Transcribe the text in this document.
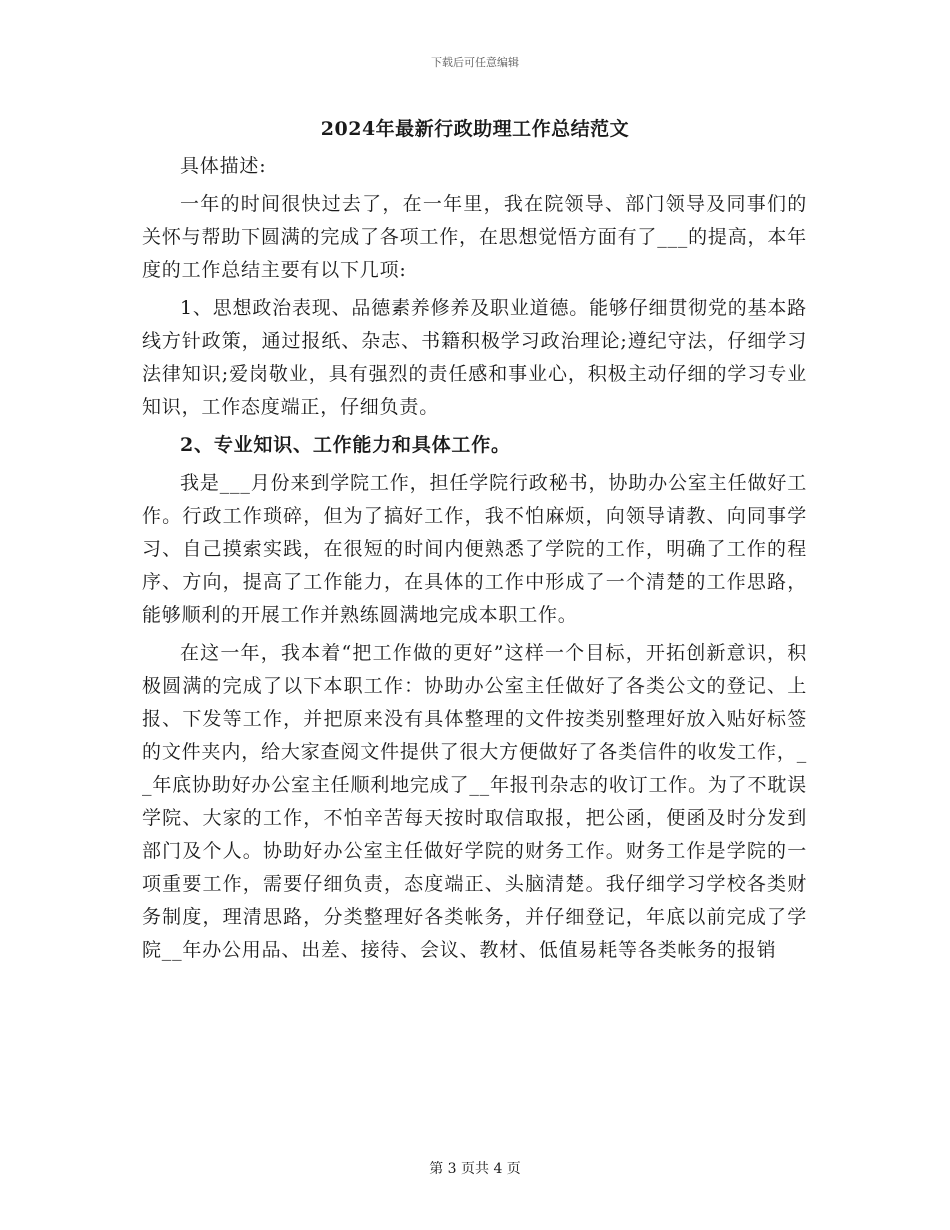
下载后可任意编辑
2024年最新行政助理工作总结范文

具体描述:

一年的时间很快过去了，在一年里，我在院领导、部门领导及同事们的关怀与帮助下圆满的完成了各项工作，在思想觉悟方面有了___的提高，本年度的工作总结主要有以下几项:

1、思想政治表现、品德素养修养及职业道德。能够仔细贯彻党的基本路线方针政策，通过报纸、杂志、书籍积极学习政治理论;遵纪守法，仔细学习法律知识;爱岗敬业，具有强烈的责任感和事业心，积极主动仔细的学习专业知识，工作态度端正，仔细负责。

2、专业知识、工作能力和具体工作。

我是___月份来到学院工作，担任学院行政秘书，协助办公室主任做好工作。行政工作琐碎，但为了搞好工作，我不怕麻烦，向领导请教、向同事学习、自己摸索实践，在很短的时间内便熟悉了学院的工作，明确了工作的程序、方向，提高了工作能力，在具体的工作中形成了一个清楚的工作思路，能够顺利的开展工作并熟练圆满地完成本职工作。

在这一年，我本着“把工作做的更好”这样一个目标，开拓创新意识，积极圆满的完成了以下本职工作：协助办公室主任做好了各类公文的登记、上报、下发等工作，并把原来没有具体整理的文件按类别整理好放入贴好标签的文件夹内，给大家查阅文件提供了很大方便做好了各类信件的收发工作，__年底协助好办公室主任顺利地完成了__年报刊杂志的收订工作。为了不耽误学院、大家的工作，不怕辛苦每天按时取信取报，把公函，便函及时分发到部门及个人。协助好办公室主任做好学院的财务工作。财务工作是学院的一项重要工作，需要仔细负责，态度端正、头脑清楚。我仔细学习学校各类财务制度，理清思路，分类整理好各类帐务，并仔细登记，年底以前完成了学院__年办公用品、出差、接待、会议、教材、低值易耗等各类帐务的报销

第 3 页共 4 页
